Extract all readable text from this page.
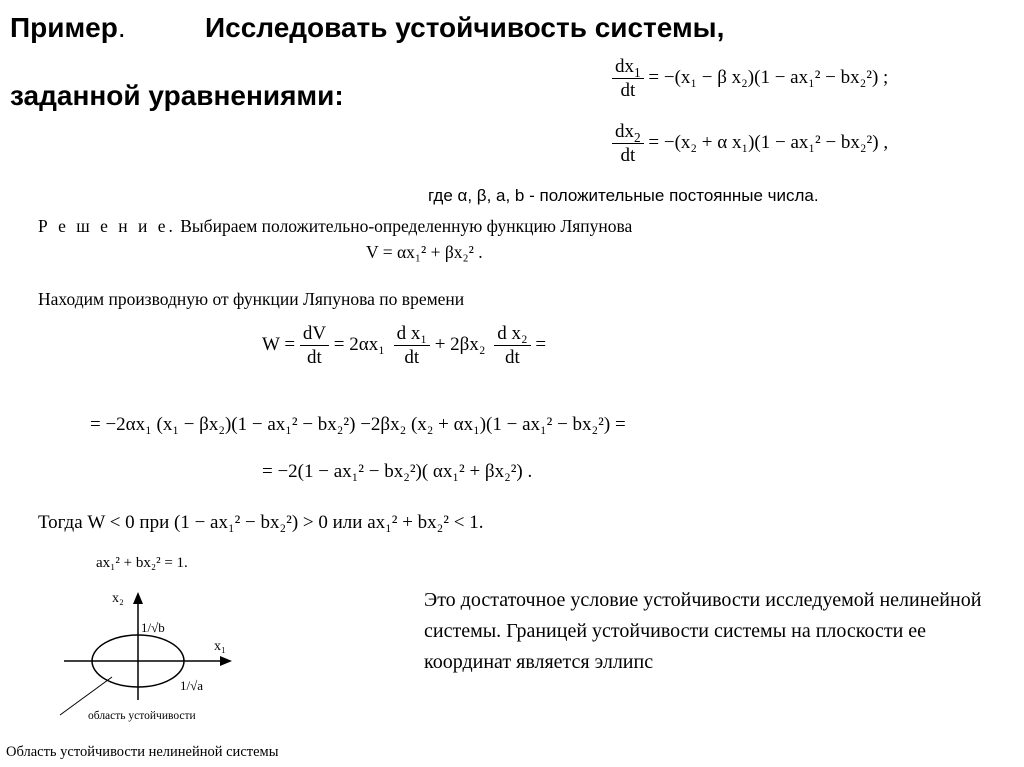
Пример.	Исследовать устойчивость системы,
заданной уравнениями:	$\frac{dx_1}{dt} = -(x_1 - \beta$ x₂)(1 − ax₁² − bx₂²) ;
$\frac{dx_2}{dt} = -(x_2 + \alpha$ x₁)(1 − ax₁² − bx₂²) ,
где α, β, a, b - положительные постоянные числа.
Р е ш е н и е. Выбираем положительно-определенную функцию Ляпунова
V = αx₁² + βx₂² .
Находим производную от функции Ляпунова по времени
$W = \frac{dV}{dt} = 2\alpha x_1 \frac{\text{d x₁}}{dt} + 2\beta x_2 \frac{\text{d x₂}}{dt}$ =
= −2αx₁ (x₁ − βx₂)(1 − ax₁² − bx₂²) −2βx₂ (x₂ + αx₁)(1 − ax₁² − bx₂²) =
= −2(1 − ax₁² − bx₂²)( αx₁² + βx₂²) .
Тогда W < 0 при (1 − ax₁² − bx₂²) > 0 или ax₁² + bx₂² < 1.
ax₁² + bx₂² = 1.
x₂
x₁
1/√b
1/√a
область устойчивости
Область устойчивости нелинейной системы
Это достаточное условие устойчивости исследуемой нелинейной системы. Границей устойчивости системы на плоскости ее координат является эллипс
